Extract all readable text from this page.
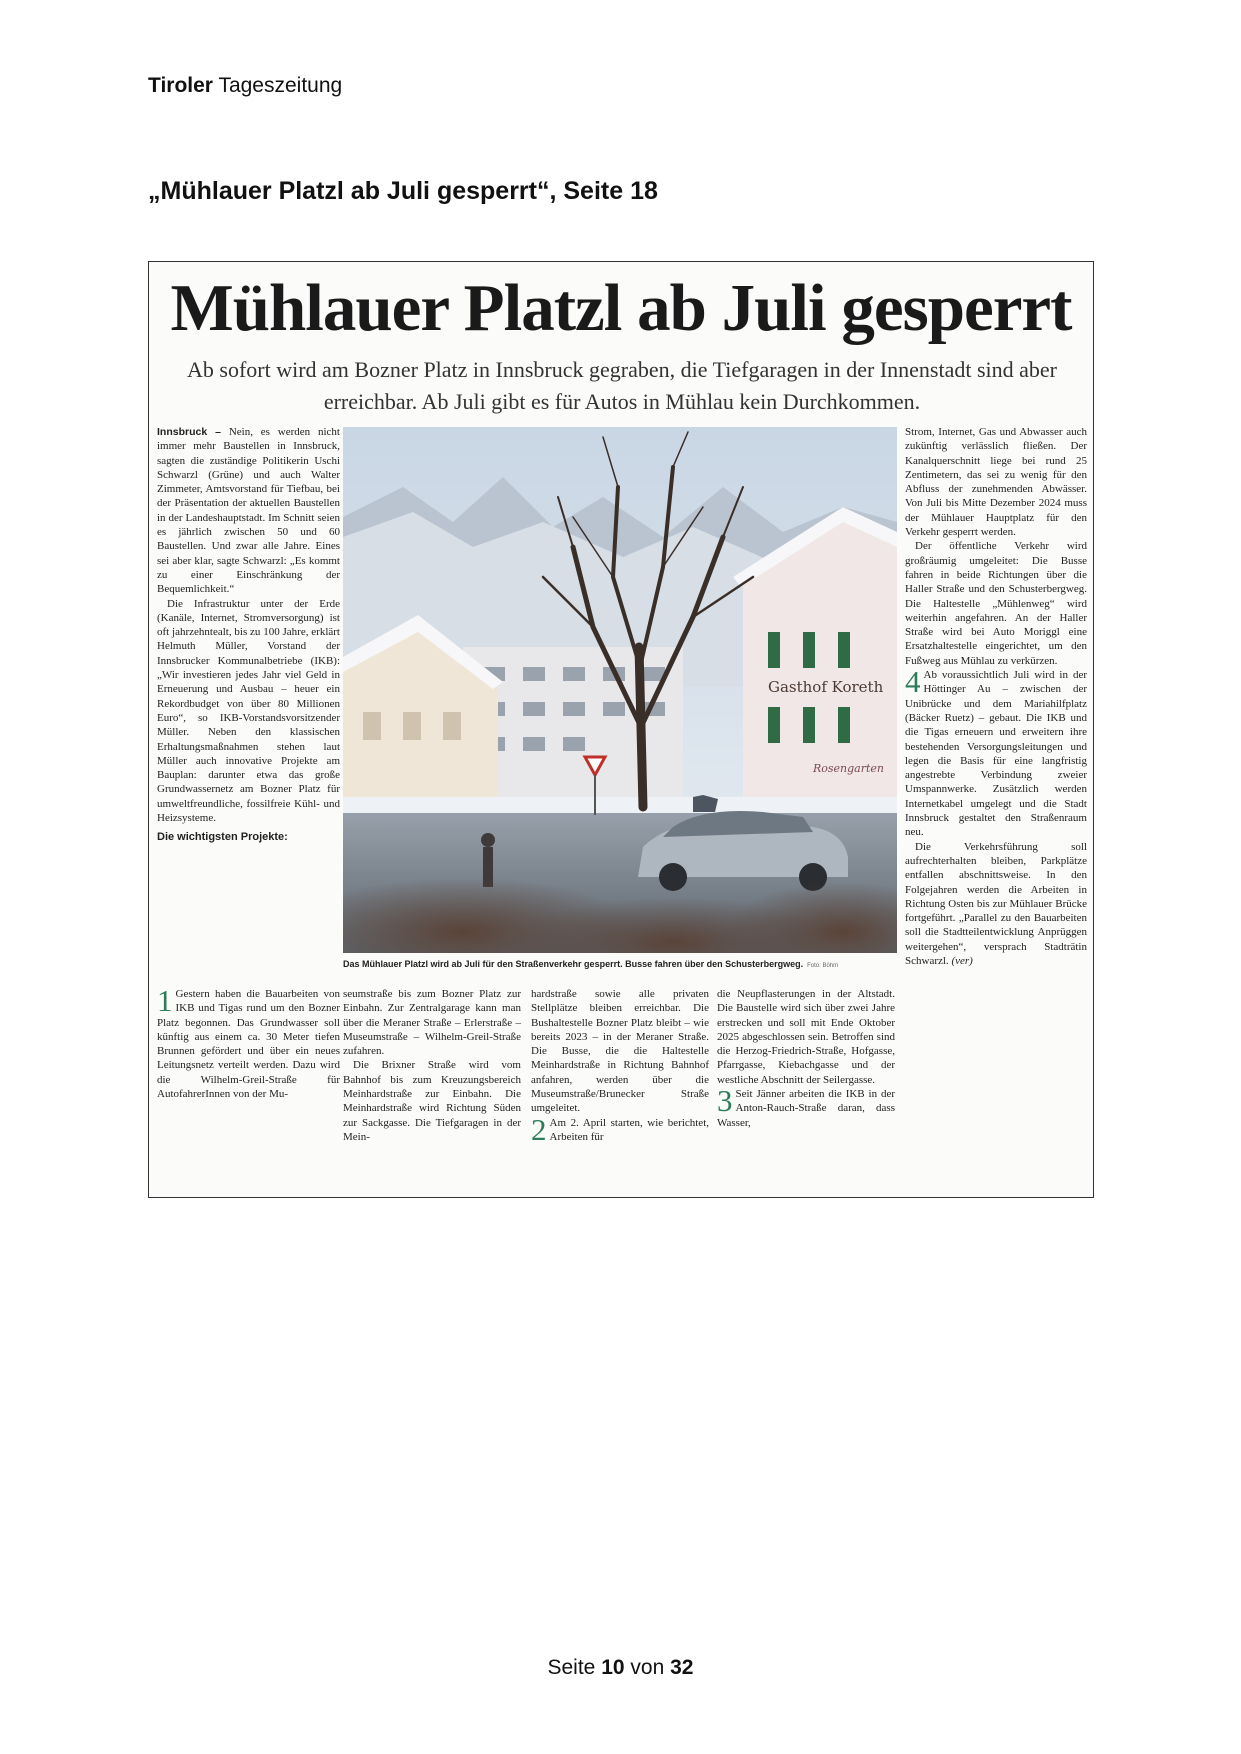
Tiroler Tageszeitung
„Mühlauer Platzl ab Juli gesperrt“, Seite 18
Mühlauer Platzl ab Juli gesperrt
Ab sofort wird am Bozner Platz in Innsbruck gegraben, die Tiefgaragen in der Innenstadt sind aber erreichbar. Ab Juli gibt es für Autos in Mühlau kein Durchkommen.

Innsbruck – Nein, es werden nicht immer mehr Baustellen in Innsbruck, sagten die zuständige Politikerin Uschi Schwarzl (Grüne) und auch Walter Zimmeter, Amtsvorstand für Tiefbau, bei der Präsentation der aktuellen Baustellen in der Landeshauptstadt. Im Schnitt seien es jährlich zwischen 50 und 60 Baustellen. Und zwar alle Jahre. Eines sei aber klar, sagte Schwarzl: „Es kommt zu einer Einschränkung der Bequemlichkeit.“

Die Infrastruktur unter der Erde (Kanäle, Internet, Stromversorgung) ist oft jahrzehntealt, bis zu 100 Jahre, erklärt Helmuth Müller, Vorstand der Innsbrucker Kommunalbetriebe (IKB): „Wir investieren jedes Jahr viel Geld in Erneuerung und Ausbau – heuer ein Rekordbudget von über 80 Millionen Euro“, so IKB-Vorstandsvorsitzender Müller. Neben den klassischen Erhaltungsmaßnahmen stehen laut Müller auch innovative Projekte am Bauplan: darunter etwa das große Grundwassernetz am Bozner Platz für umweltfreundliche, fossilfreie Kühl- und Heizsysteme.

Die wichtigsten Projekte:

Gasthof Koreth
Rosengarten
Das Mühlauer Platzl wird ab Juli für den Straßenverkehr gesperrt. Busse fahren über den Schusterbergweg. Foto: Böhm

1 Gestern haben die Bauarbeiten von IKB und Tigas rund um den Bozner Platz begonnen. Das Grundwasser soll künftig aus einem ca. 30 Meter tiefen Brunnen gefördert und über ein neues Leitungsnetz verteilt werden. Dazu wird die Wilhelm-Greil-Straße für AutofahrerInnen von der Mu-

seumstraße bis zum Bozner Platz zur Einbahn. Zur Zentralgarage kann man über die Meraner Straße – Erlerstraße – Museumstraße – Wilhelm-Greil-Straße zufahren.

Die Brixner Straße wird vom Bahnhof bis zum Kreuzungsbereich Meinhardstraße zur Einbahn. Die Meinhardstraße wird Richtung Süden zur Sackgasse. Die Tiefgaragen in der Mein-

hardstraße sowie alle privaten Stellplätze bleiben erreichbar. Die Bushaltestelle Bozner Platz bleibt – wie bereits 2023 – in der Meraner Straße. Die Busse, die die Haltestelle Meinhardstraße in Richtung Bahnhof anfahren, werden über die Museumstraße/Brunecker Straße umgeleitet.

2 Am 2. April starten, wie berichtet, Arbeiten für

die Neupflasterungen in der Altstadt. Die Baustelle wird sich über zwei Jahre erstrecken und soll mit Ende Oktober 2025 abgeschlossen sein. Betroffen sind die Herzog-Friedrich-Straße, Hofgasse, Pfarrgasse, Kiebachgasse und der westliche Abschnitt der Seilergasse.

3 Seit Jänner arbeiten die IKB in der Anton-Rauch-Straße daran, dass Wasser,

Strom, Internet, Gas und Abwasser auch zukünftig verlässlich fließen. Der Kanalquerschnitt liege bei rund 25 Zentimetern, das sei zu wenig für den Abfluss der zunehmenden Abwässer. Von Juli bis Mitte Dezember 2024 muss der Mühlauer Hauptplatz für den Verkehr gesperrt werden.

Der öffentliche Verkehr wird großräumig umgeleitet: Die Busse fahren in beide Richtungen über die Haller Straße und den Schusterbergweg. Die Haltestelle „Mühlenweg“ wird weiterhin angefahren. An der Haller Straße wird bei Auto Moriggl eine Ersatzhaltestelle eingerichtet, um den Fußweg aus Mühlau zu verkürzen.

4 Ab voraussichtlich Juli wird in der Höttinger Au – zwischen der Unibrücke und dem Mariahilfplatz (Bäcker Ruetz) – gebaut. Die IKB und die Tigas erneuern und erweitern ihre bestehenden Versorgungsleitungen und legen die Basis für eine langfristig angestrebte Verbindung zweier Umspannwerke. Zusätzlich werden Internetkabel umgelegt und die Stadt Innsbruck gestaltet den Straßenraum neu.

Die Verkehrsführung soll aufrechterhalten bleiben, Parkplätze entfallen abschnittsweise. In den Folgejahren werden die Arbeiten in Richtung Osten bis zur Mühlauer Brücke fortgeführt. „Parallel zu den Bauarbeiten soll die Stadtteilentwicklung Anprüggen weitergehen“, versprach Stadträtin Schwarzl. (ver)

Seite 10 von 32
